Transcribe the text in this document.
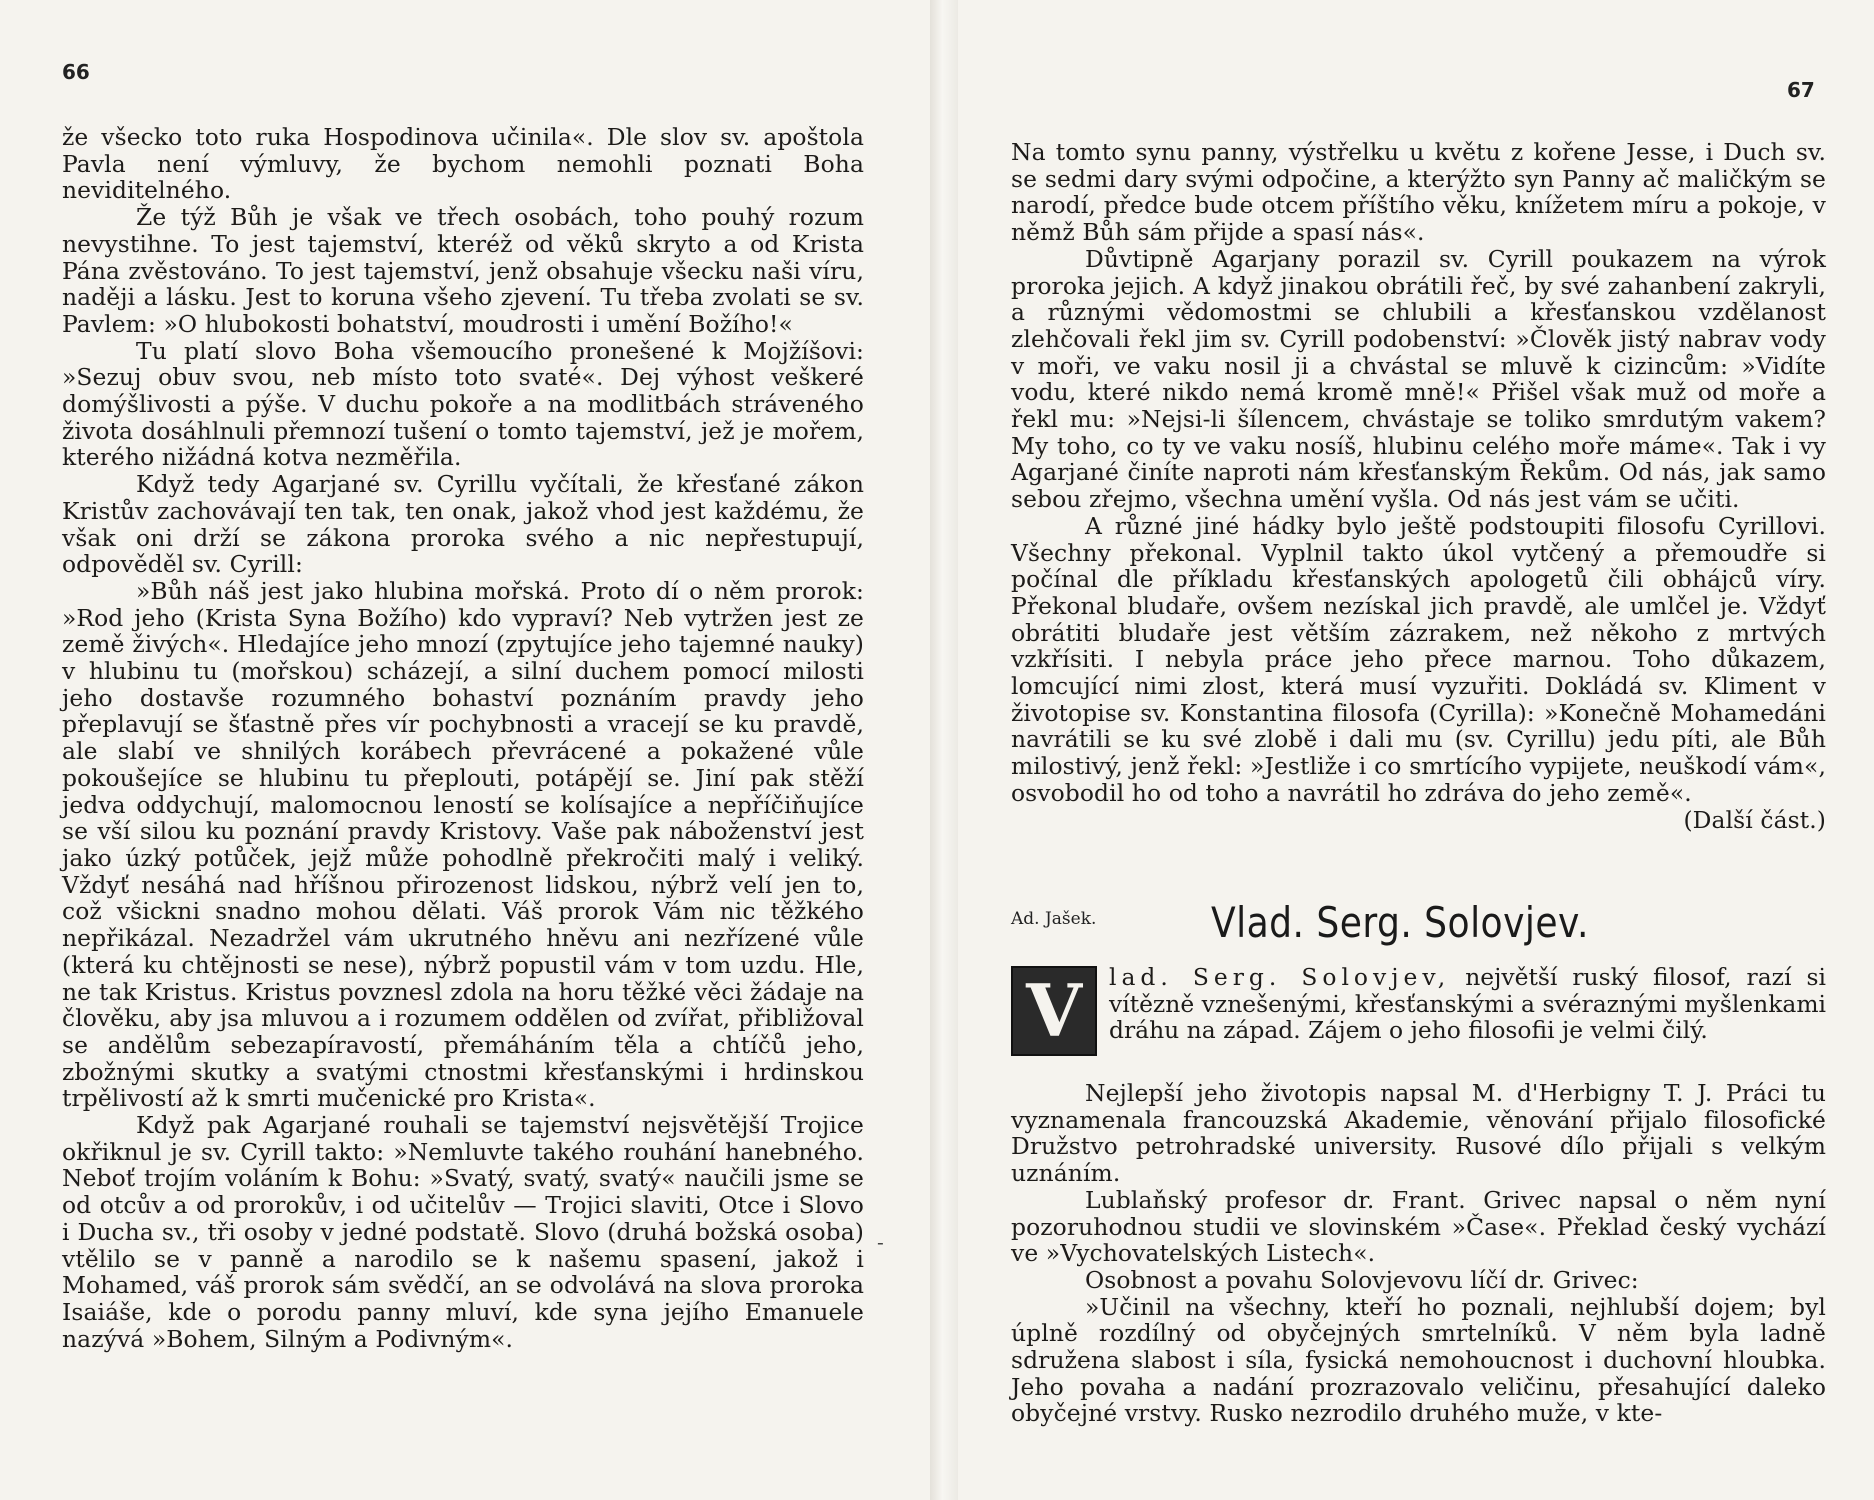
66

že všecko toto ruka Hospodinova učinila«. Dle slov sv. apoštola Pavla není výmluvy, že bychom nemohli poznati Boha neviditelného.

Že týž Bůh je však ve třech osobách, toho pouhý rozum nevystihne. To jest tajemství, kteréž od věků skryto a od Krista Pána zvěstováno. To jest tajemství, jenž obsahuje všecku naši víru, naději a lásku. Jest to koruna všeho zjevení. Tu třeba zvolati se sv. Pavlem: »O hlubokosti bohatství, moudrosti i umění Božího!«

Tu platí slovo Boha všemoucího pronešené k Mojžíšovi: »Sezuj obuv svou, neb místo toto svaté«. Dej výhost veškeré domýšlivosti a pýše. V duchu pokoře a na modlitbách stráveného života dosáhlnuli přemnozí tušení o tomto tajemství, jež je mořem, kterého nižádná kotva nezměřila.

Když tedy Agarjané sv. Cyrillu vyčítali, že křesťané zákon Kristův zachovávají ten tak, ten onak, jakož vhod jest každému, že však oni drží se zákona proroka svého a nic nepřestupují, odpověděl sv. Cyrill:

»Bůh náš jest jako hlubina mořská. Proto dí o něm prorok: »Rod jeho (Krista Syna Božího) kdo vypraví? Neb vytržen jest ze země živých«. Hledajíce jeho mnozí (zpytujíce jeho tajemné nauky) v hlubinu tu (mořskou) scházejí, a silní duchem pomocí milosti jeho dostavše rozumného bohaství poznáním pravdy jeho přeplavují se šťastně přes vír pochybnosti a vracejí se ku pravdě, ale slabí ve shnilých korábech převrácené a pokažené vůle pokoušejíce se hlubinu tu přeplouti, potápějí se. Jiní pak stěží jedva oddychují, malomocnou leností se kolísajíce a nepříčiňujíce se vší silou ku poznání pravdy Kristovy. Vaše pak náboženství jest jako úzký potůček, jejž může pohodlně překročiti malý i veliký. Vždyť nesáhá nad hříšnou přirozenost lidskou, nýbrž velí jen to, což všickni snadno mohou dělati. Váš prorok Vám nic těžkého nepřikázal. Nezadržel vám ukrutného hněvu ani nezřízené vůle (která ku chtějnosti se nese), nýbrž popustil vám v tom uzdu. Hle, ne tak Kristus. Kristus povznesl zdola na horu těžké věci žádaje na člověku, aby jsa mluvou a i rozumem oddělen od zvířat, přibližoval se andělům sebezapíravostí, přemáháním těla a chtíčů jeho, zbožnými skutky a svatými ctnostmi křesťanskými i hrdinskou trpělivostí až k smrti mučenické pro Krista«.

Když pak Agarjané rouhali se tajemství nejsvětější Trojice okřiknul je sv. Cyrill takto: »Nemluvte takého rouhání hanebného. Neboť trojím voláním k Bohu: »Svatý, svatý, svatý« naučili jsme se od otcův a od prorokův, i od učitelův — Trojici slaviti, Otce i Slovo i Ducha sv., tři osoby v jedné podstatě. Slovo (druhá božská osoba) vtělilo se v panně a narodilo se k našemu spasení, jakož i Mohamed, váš prorok sám svědčí, an se odvolává na slova proroka Isaiáše, kde o porodu panny mluví, kde syna jejího Emanuele nazývá »Bohem, Silným a Podivným«.

67

Na tomto synu panny, výstřelku u květu z kořene Jesse, i Duch sv. se sedmi dary svými odpočine, a kterýžto syn Panny ač maličkým se narodí, předce bude otcem příštího věku, knížetem míru a pokoje, v němž Bůh sám přijde a spasí nás«.

Důvtipně Agarjany porazil sv. Cyrill poukazem na výrok proroka jejich. A když jinakou obrátili řeč, by své zahanbení zakryli, a různými vědomostmi se chlubili a křesťanskou vzdělanost zlehčovali řekl jim sv. Cyrill podobenství: »Člověk jistý nabrav vody v moři, ve vaku nosil ji a chvástal se mluvě k cizincům: »Vidíte vodu, které nikdo nemá kromě mně!« Přišel však muž od moře a řekl mu: »Nejsi-li šílencem, chvástaje se toliko smrdutým vakem? My toho, co ty ve vaku nosíš, hlubinu celého moře máme«. Tak i vy Agarjané činíte naproti nám křesťanským Řekům. Od nás, jak samo sebou zřejmo, všechna umění vyšla. Od nás jest vám se učiti.

A různé jiné hádky bylo ještě podstoupiti filosofu Cyrillovi. Všechny překonal. Vyplnil takto úkol vytčený a přemoudře si počínal dle příkladu křesťanských apologetů čili obhájců víry. Překonal bludaře, ovšem nezískal jich pravdě, ale umlčel je. Vždyť obrátiti bludaře jest větším zázrakem, než někoho z mrtvých vzkřísiti. I nebyla práce jeho přece marnou. Toho důkazem, lomcující nimi zlost, která musí vyzuřiti. Dokládá sv. Kliment v životopise sv. Konstantina filosofa (Cyrilla): »Konečně Mohamedáni navrátili se ku své zlobě i dali mu (sv. Cyrillu) jedu píti, ale Bůh milostivý, jenž řekl: »Jestliže i co smrtícího vypijete, neuškodí vám«, osvobodil ho od toho a navrátil ho zdráva do jeho země«.
(Další část.)

Ad. Jašek.	Vlad. Serg. Solovjev.
V	lad. Serg. Solovjev, největší ruský filosof, razí si vítězně vznešenými, křesťanskými a svéraznými myšlenkami dráhu na západ. Zájem o jeho filosofii je velmi čilý.

Nejlepší jeho životopis napsal M. d'Herbigny T. J. Práci tu vyznamenala francouzská Akademie, věnování přijalo filosofické Družstvo petrohradské university. Rusové dílo přijali s velkým uznáním.

Lublaňský profesor dr. Frant. Grivec napsal o něm nyní pozoruhodnou studii ve slovinském »Čase«. Překlad český vychází ve »Vychovatelských Listech«.

Osobnost a povahu Solovjevovu líčí dr. Grivec:

»Učinil na všechny, kteří ho poznali, nejhlubší dojem; byl úplně rozdílný od obyčejných smrtelníků. V něm byla ladně sdružena slabost i síla, fysická nemohoucnost i duchovní hloubka. Jeho povaha a nadání prozrazovalo veličinu, přesahující daleko obyčejné vrstvy. Rusko nezrodilo druhého muže, v kte-

-
